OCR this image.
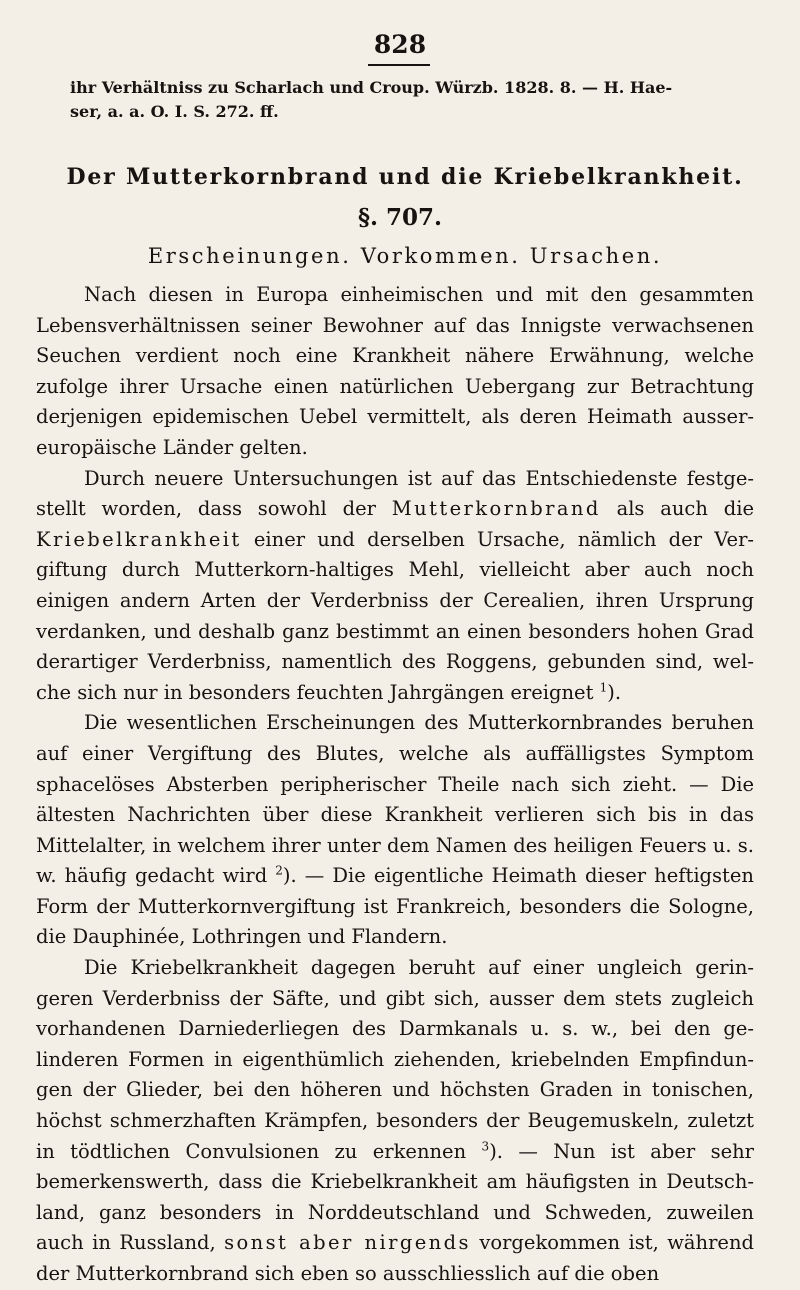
828
ihr Verhältniss zu Scharlach und Croup. Würzb. 1828. 8. — H. Hae-
ser, a. a. O. I. S. 272. ff.
Der Mutterkornbrand und die Kriebelkrankheit.
§. 707.
Erscheinungen. Vorkommen. Ursachen.

Nach diesen in Europa einheimischen und mit den gesammten Lebensverhältnissen seiner Bewohner auf das Innigste verwachsenen Seuchen verdient noch eine Krankheit nähere Erwähnung, welche zufolge ihrer Ursache einen natürlichen Uebergang zur Betrachtung derjenigen epidemischen Uebel vermittelt, als deren Heimath aussereuropäische Länder gelten.

Durch neuere Untersuchungen ist auf das Entschiedenste festgestellt worden, dass sowohl der Mutterkornbrand als auch die Kriebelkrankheit einer und derselben Ursache, nämlich der Vergiftung durch Mutterkorn-haltiges Mehl, vielleicht aber auch noch einigen andern Arten der Verderbniss der Cerealien, ihren Ursprung verdanken, und deshalb ganz bestimmt an einen besonders hohen Grad derartiger Verderbniss, namentlich des Roggens, gebunden sind, welche sich nur in besonders feuchten Jahrgängen ereignet $^1$).

Die wesentlichen Erscheinungen des Mutterkornbrandes beruhen auf einer Vergiftung des Blutes, welche als auffälligstes Symptom sphacelöses Absterben peripherischer Theile nach sich zieht. — Die ältesten Nachrichten über diese Krankheit verlieren sich bis in das Mittelalter, in welchem ihrer unter dem Namen des heiligen Feuers u. s. w. häufig gedacht wird $^2$). — Die eigentliche Heimath dieser heftigsten Form der Mutterkornvergiftung ist Frankreich, besonders die Sologne, die Dauphinée, Lothringen und Flandern.

Die Kriebelkrankheit dagegen beruht auf einer ungleich geringeren Verderbniss der Säfte, und gibt sich, ausser dem stets zugleich vorhandenen Darniederliegen des Darmkanals u. s. w., bei den gelinderen Formen in eigenthümlich ziehenden, kriebelnden Empfindungen der Glieder, bei den höheren und höchsten Graden in tonischen, höchst schmerzhaften Krämpfen, besonders der Beugemuskeln, zuletzt in tödtlichen Convulsionen zu erkennen $^3$). — Nun ist aber sehr bemerkenswerth, dass die Kriebelkrankheit am häufigsten in Deutschland, ganz besonders in Norddeutschland und Schweden, zuweilen auch in Russland, sonst aber nirgends vorgekommen ist, während der Mutterkornbrand sich eben so ausschliesslich auf die oben
